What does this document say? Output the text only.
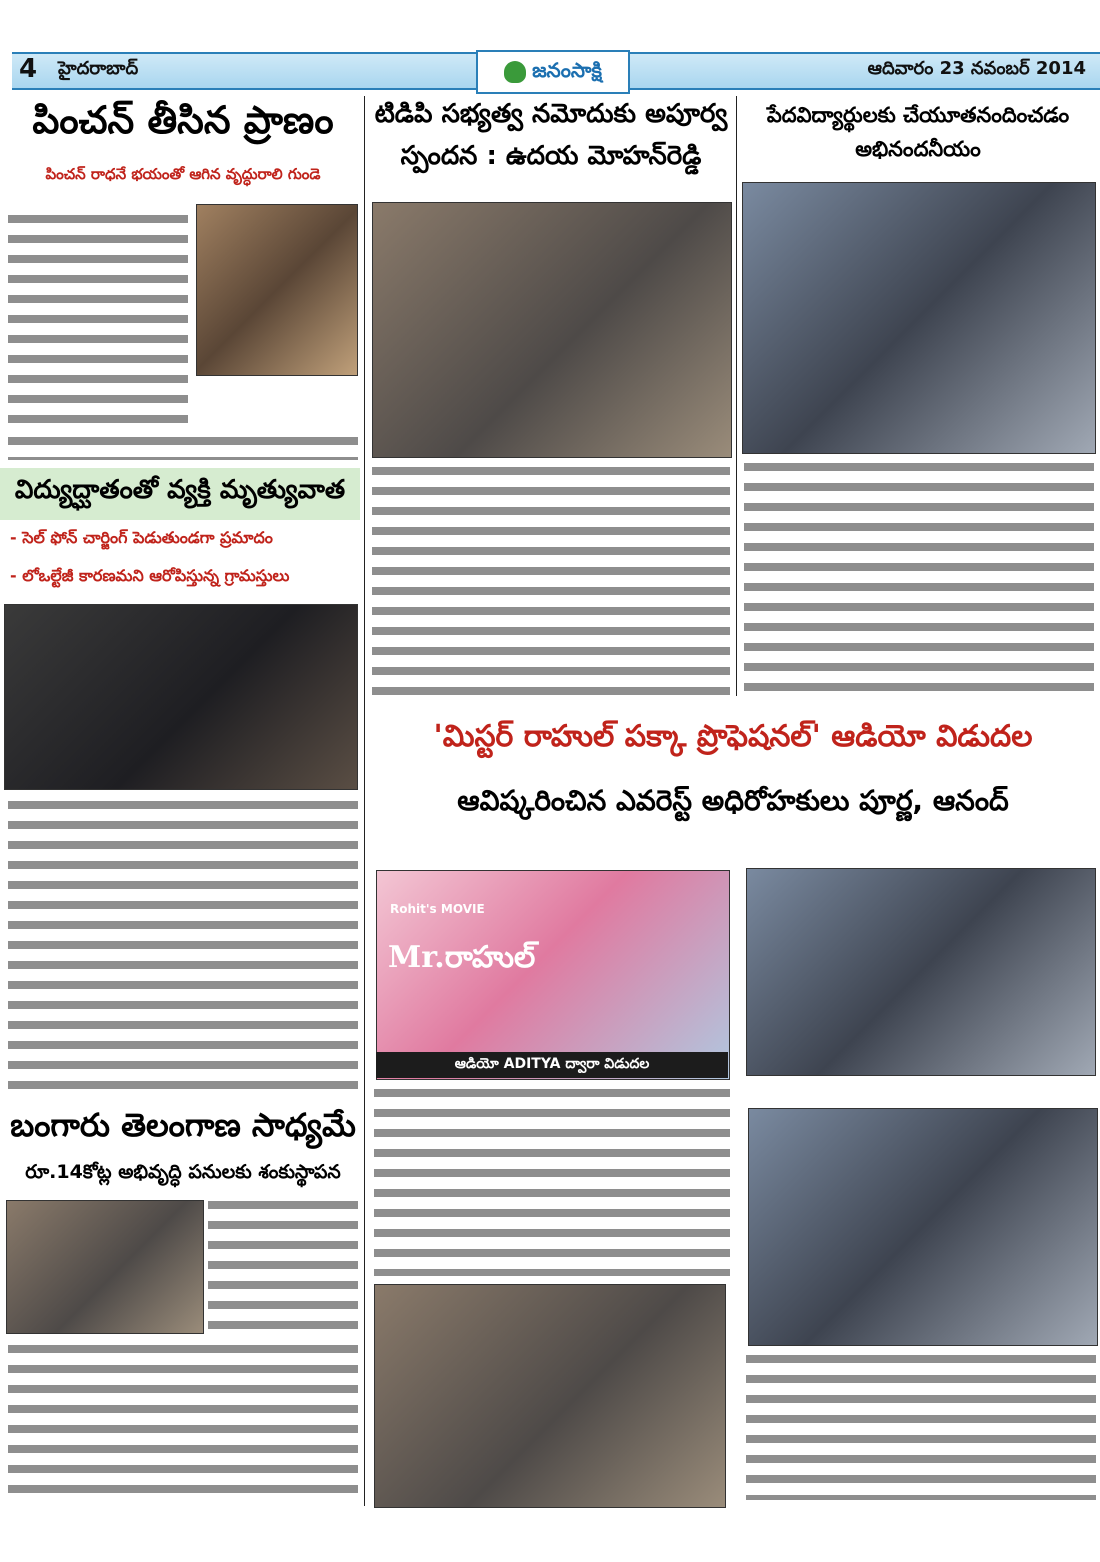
4 హైదరాబాద్	జనంసాక్షి	ఆదివారం 23 నవంబర్ 2014
పించన్ తీసిన ప్రాణం
పించన్ రాధనే భయంతో ఆగిన వృద్ధురాలి గుండె
విద్యుద్ఘాతంతో వ్యక్తి మృత్యువాత
- సెల్ ఫోన్ చార్జింగ్ పెడుతుండగా ప్రమాదం
- లోఒల్టేజీ కారణమని ఆరోపిస్తున్న గ్రామస్తులు
బంగారు తెలంగాణ సాధ్యమే
రూ.14కోట్ల అభివృద్ధి పనులకు శంకుస్థాపన
టిడిపి సభ్యత్వ నమోదుకు అపూర్వ
స్పందన : ఉదయ మోహన్‌రెడ్డి
పేదవిద్యార్థులకు చేయూతనందించడం
అభినందనీయం
'మిస్టర్ రాహుల్ పక్కా ప్రొఫెషనల్' ఆడియో విడుదల
ఆవిష్కరించిన ఎవరెస్ట్ అధిరోహకులు పూర్ణ, ఆనంద్
Rohit's MOVIE
Mr.రాహుల్
ఆడియో ADITYA ద్వారా విడుదల
